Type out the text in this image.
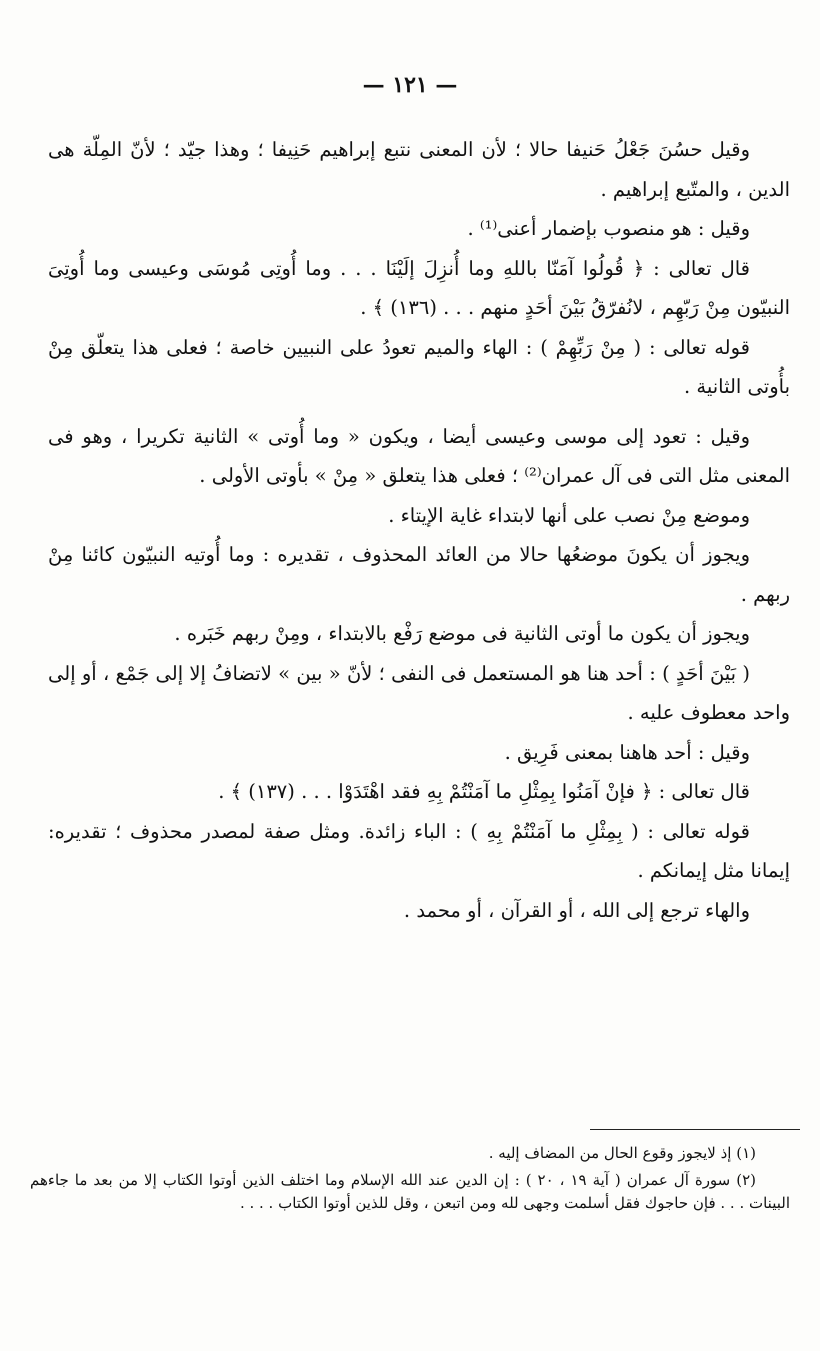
— ١٢١ —

وقيل حسُنَ جَعْلُ حَنيفا حالا ؛ لأن المعنى نتبع إبراهيم حَنِيفا ؛ وهذا جيّد ؛ لأنّ المِلّة هى الدين ، والمتّبع إبراهيم .

وقيل : هو منصوب بإضمار أعنى⁽¹⁾ .

قال تعالى : ﴿ قُولُوا آمَنّا باللهِ وما أُنزِلَ إلَيْنَا . . . وما أُوتِى مُوسَى وعيسى وما أُوتِىَ النبيّون مِنْ رَبّهِم ، لانُفرّقُ بَيْنَ أحَدٍ منهم . . . (١٣٦) ﴾ .

قوله تعالى : ( مِنْ رَبِّهِمْ ) : الهاء والميم تعودُ على النبيين خاصة ؛ فعلى هذا يتعلّق مِنْ بأُوتى الثانية .

وقيل : تعود إلى موسى وعيسى أيضا ، ويكون « وما أُوتى » الثانية تكريرا ، وهو فى المعنى مثل التى فى آل عمران⁽²⁾ ؛ فعلى هذا يتعلق « مِنْ » بأوتى الأولى .

وموضع مِنْ نصب على أنها لابتداء غاية الإيتاء .

ويجوز أن يكونَ موضعُها حالا من العائد المحذوف ، تقديره : وما أُوتيه النبيّون كائنا مِنْ ربهم .

ويجوز أن يكون ما أوتى الثانية فى موضع رَفْع بالابتداء ، ومِنْ ربهم خَبَره .

( بَيْنَ أحَدٍ ) : أحد هنا هو المستعمل فى النفى ؛ لأنّ « بين » لاتضافُ إلا إلى جَمْع ، أو إلى واحد معطوف عليه .

وقيل : أحد هاهنا بمعنى فَرِيق .

قال تعالى : ﴿ فإنْ آمَنُوا بِمِثْلِ ما آمَنْتُمْ بِهِ فقد اهْتَدَوْا . . . (١٣٧) ﴾ .

قوله تعالى : ( بِمِثْلِ ما آمَنْتُمْ بِهِ ) : الباء زائدة. ومثل صفة لمصدر محذوف ؛ تقديره: إيمانا مثل إيمانكم .

والهاء ترجع إلى الله ، أو القرآن ، أو محمد .

(١) إذ لايجوز وقوع الحال من المضاف إليه .

(٢) سورة آل عمران ( آية ١٩ ، ٢٠ ) : إن الدين عند الله الإسلام وما اختلف الذين أوتوا الكتاب إلا من بعد ما جاءهم البينات . . . فإن حاجوك فقل أسلمت وجهى لله ومن اتبعن ، وقل للذين أوتوا الكتاب . . . .
